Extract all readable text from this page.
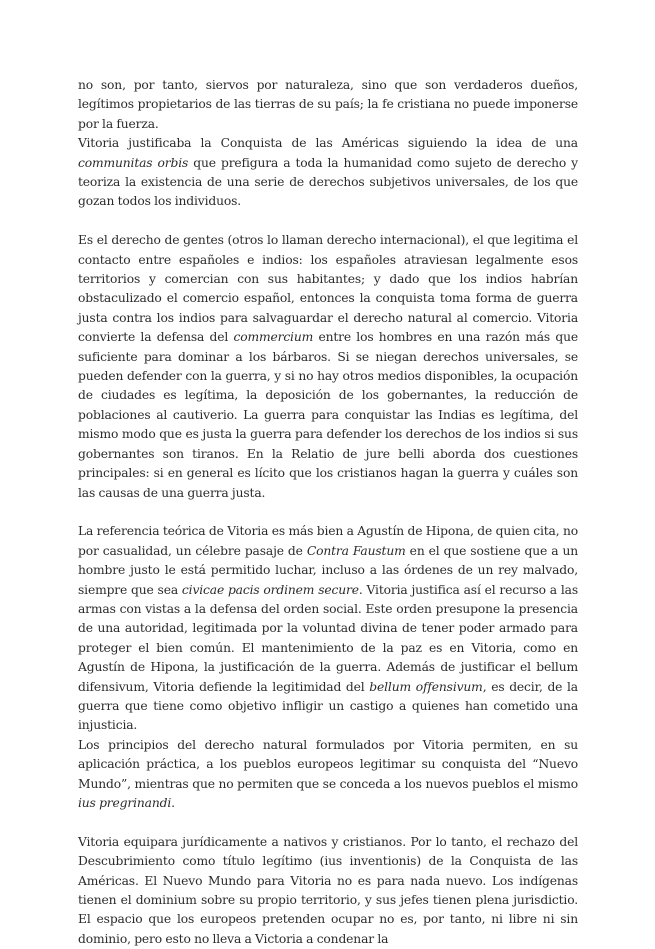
no son, por tanto, siervos por naturaleza, sino que son verdaderos dueños, legítimos propietarios de las tierras de su país; la fe cristiana no puede imponerse por la fuerza.

Vitoria justificaba la Conquista de las Américas siguiendo la idea de una communitas orbis que prefigura a toda la humanidad como sujeto de derecho y teoriza la existencia de una serie de derechos subjetivos universales, de los que gozan todos los individuos.

Es el derecho de gentes (otros lo llaman derecho internacional), el que legitima el contacto entre españoles e indios: los españoles atraviesan legalmente esos territorios y comercian con sus habitantes; y dado que los indios habrían obstaculizado el comercio español, entonces la conquista toma forma de guerra justa contra los indios para salvaguardar el derecho natural al comercio. Vitoria convierte la defensa del commercium entre los hombres en una razón más que suficiente para dominar a los bárbaros. Si se niegan derechos universales, se pueden defender con la guerra, y si no hay otros medios disponibles, la ocupación de ciudades es legítima, la deposición de los gobernantes, la reducción de poblaciones al cautiverio. La guerra para conquistar las Indias es legítima, del mismo modo que es justa la guerra para defender los derechos de los indios si sus gobernantes son tiranos. En la Relatio de jure belli aborda dos cuestiones principales: si en general es lícito que los cristianos hagan la guerra y cuáles son las causas de una guerra justa.

La referencia teórica de Vitoria es más bien a Agustín de Hipona, de quien cita, no por casualidad, un célebre pasaje de Contra Faustum en el que sostiene que a un hombre justo le está permitido luchar, incluso a las órdenes de un rey malvado, siempre que sea civicae pacis ordinem secure. Vitoria justifica así el recurso a las armas con vistas a la defensa del orden social. Este orden presupone la presencia de una autoridad, legitimada por la voluntad divina de tener poder armado para proteger el bien común. El mantenimiento de la paz es en Vitoria, como en Agustín de Hipona, la justificación de la guerra. Además de justificar el bellum difensivum, Vitoria defiende la legitimidad del bellum offensivum, es decir, de la guerra que tiene como objetivo infligir un castigo a quienes han cometido una injusticia.

Los principios del derecho natural formulados por Vitoria permiten, en su aplicación práctica, a los pueblos europeos legitimar su conquista del “Nuevo Mundo”, mientras que no permiten que se conceda a los nuevos pueblos el mismo ius pregrinandi.

Vitoria equipara jurídicamente a nativos y cristianos. Por lo tanto, el rechazo del Descubrimiento como título legítimo (ius inventionis) de la Conquista de las Américas. El Nuevo Mundo para Vitoria no es para nada nuevo. Los indígenas tienen el dominium sobre su propio territorio, y sus jefes tienen plena jurisdictio. El espacio que los europeos pretenden ocupar no es, por tanto, ni libre ni sin dominio, pero esto no lleva a Victoria a condenar la
